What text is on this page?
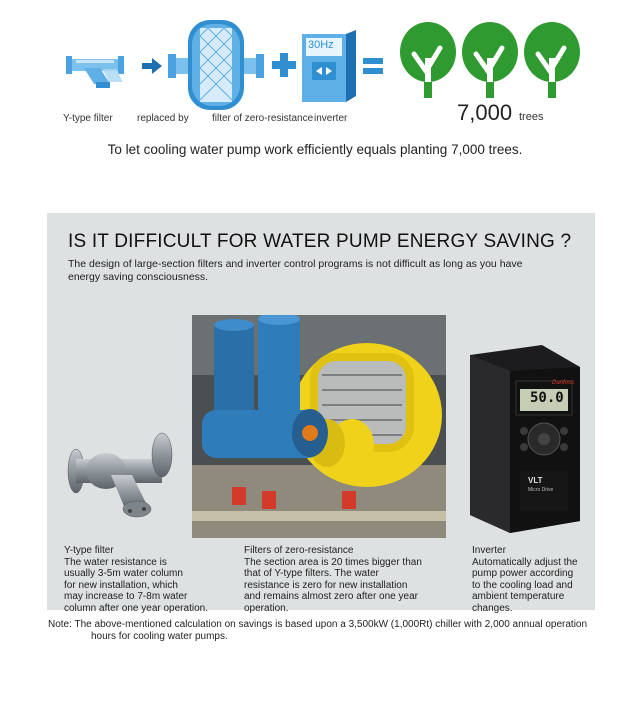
30Hz
Y-type filter replaced by filter of zero-resistance inverter	7,000 trees
To let cooling water pump work efficiently equals planting 7,000 trees.
IS IT DIFFICULT FOR WATER PUMP ENERGY SAVING ?
The design of large-section filters and inverter control programs is not difficult as long as you have energy saving consciousness.
Danfoss
50.0
VLT
Micro Drive
Y-type filter
The water resistance is
usually 3-5m water column
for new installation, which
may increase to 7-8m water
column after one year operation.
Filters of zero-resistance
The section area is 20 times bigger than
that of Y-type filters. The water
resistance is zero for new installation
and remains almost zero after one year
operation.
Inverter
Automatically adjust the
pump power according
to the cooling load and
ambient temperature
changes.
Note: The above-mentioned calculation on savings is based upon a 3,500kW (1,000Rt) chiller with 2,000 annual operation
hours for cooling water pumps.
